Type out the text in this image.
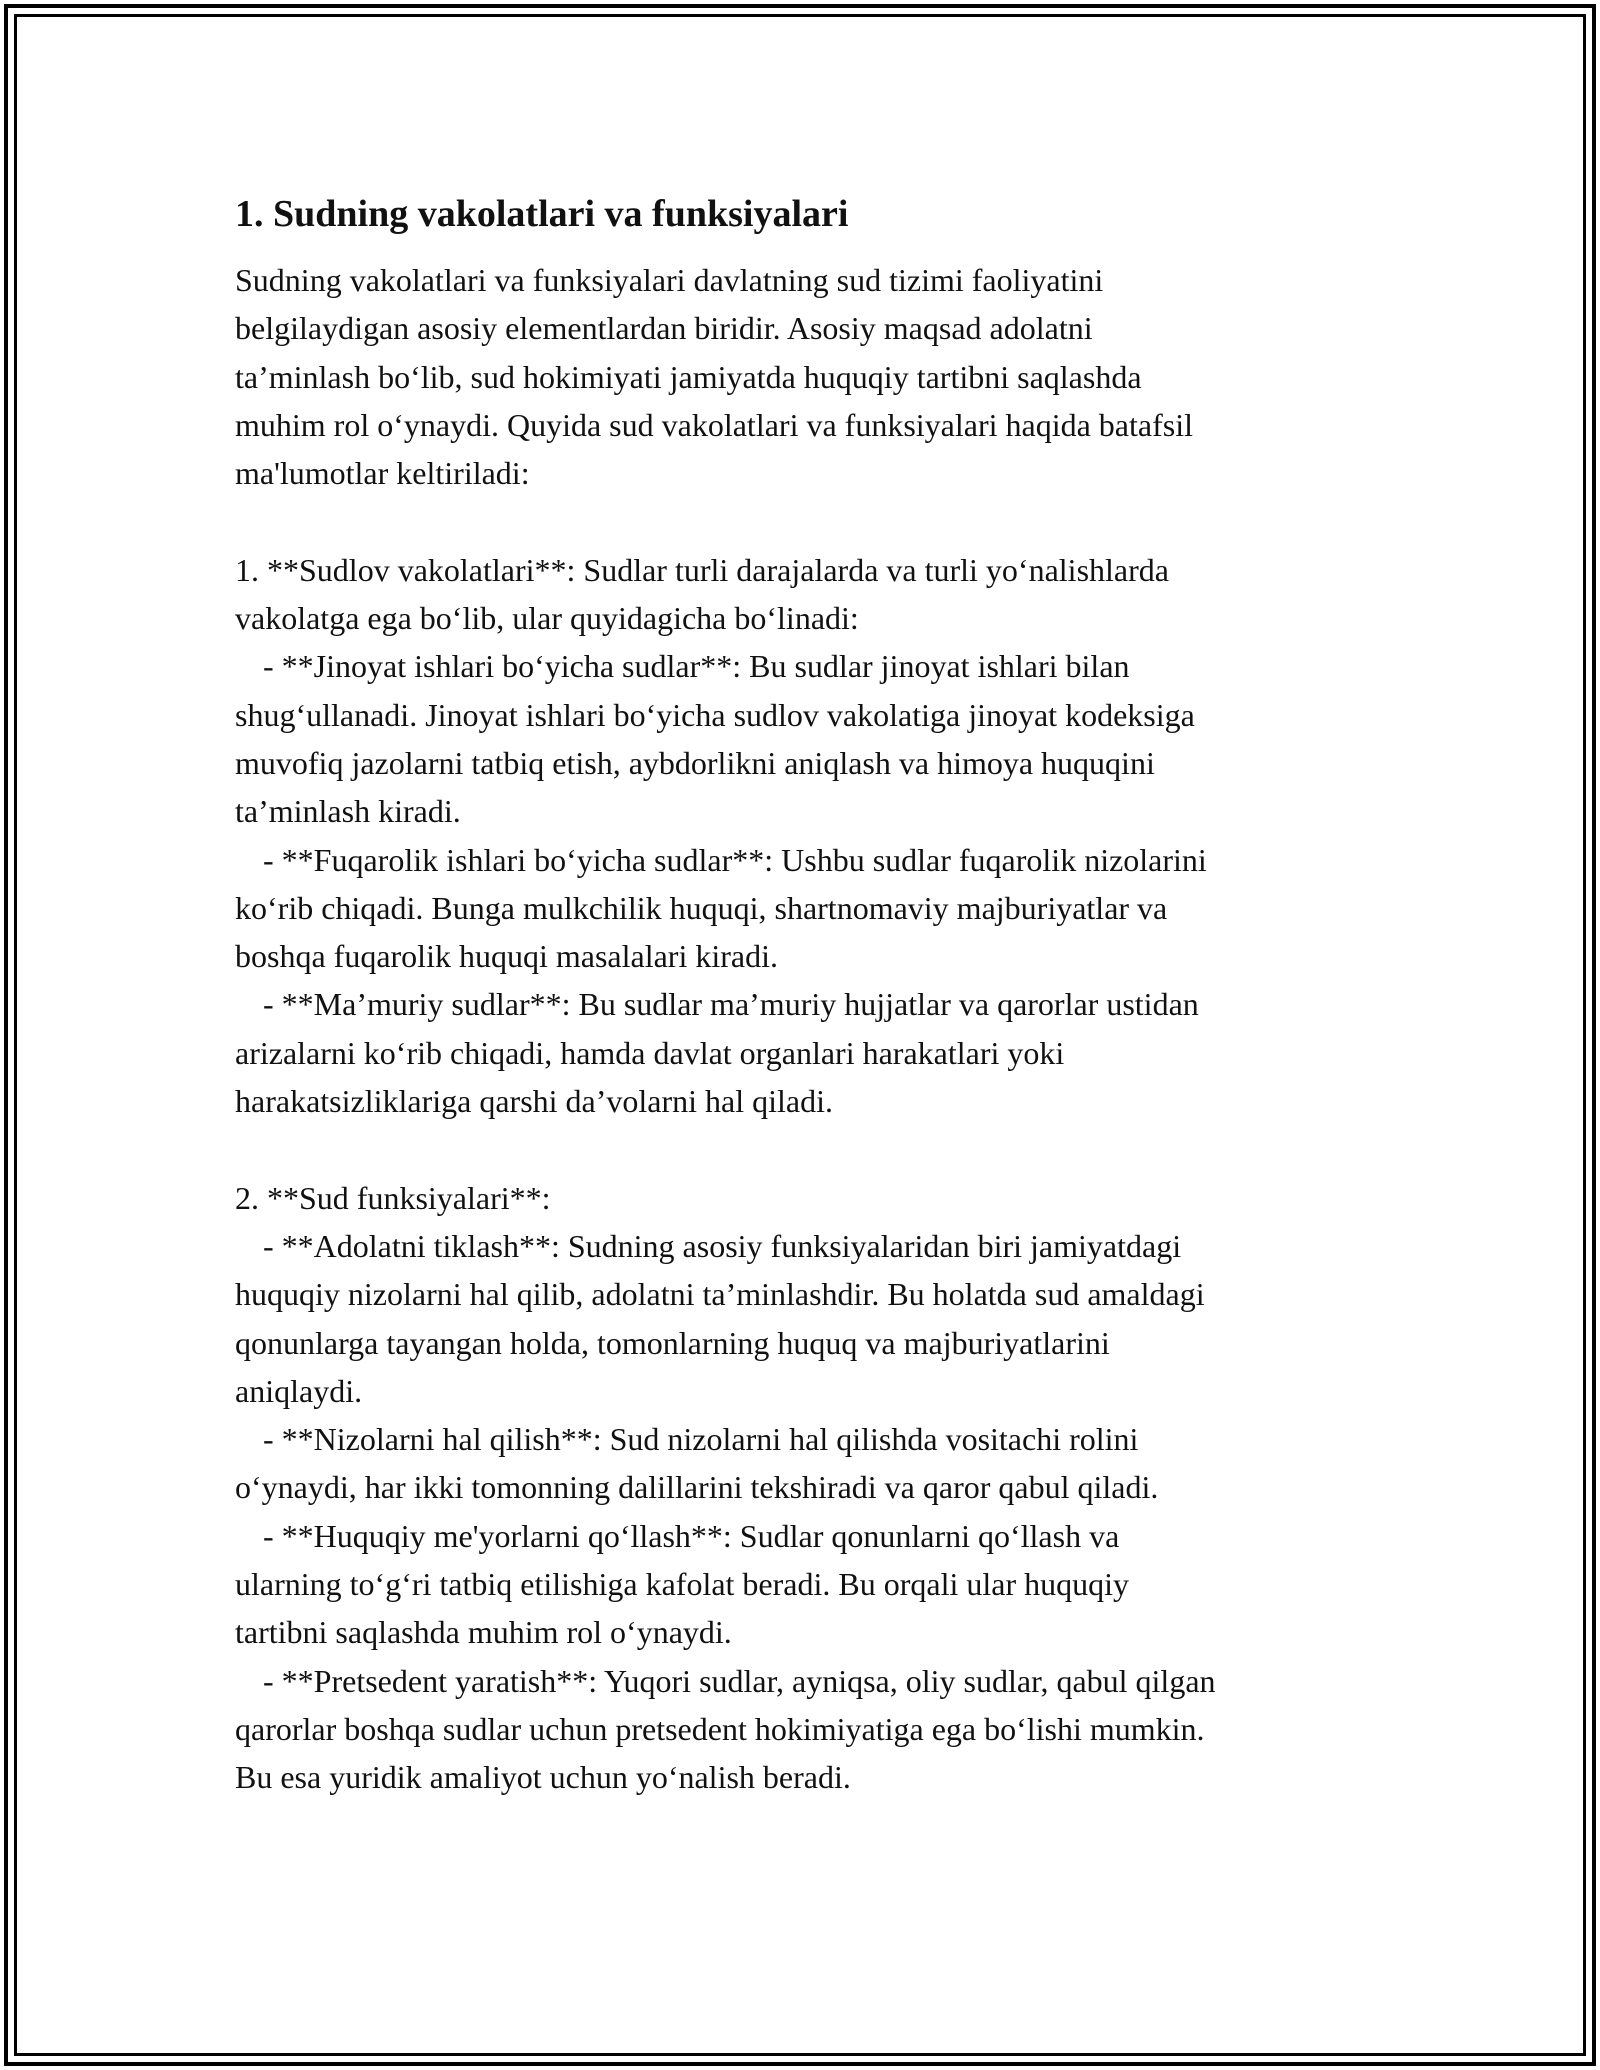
1. Sudning vakolatlari va funksiyalari
Sudning vakolatlari va funksiyalari davlatning sud tizimi faoliyatini
belgilaydigan asosiy elementlardan biridir. Asosiy maqsad adolatni
ta’minlash bo‘lib, sud hokimiyati jamiyatda huquqiy tartibni saqlashda
muhim rol o‘ynaydi. Quyida sud vakolatlari va funksiyalari haqida batafsil
ma'lumotlar keltiriladi:
1. **Sudlov vakolatlari**: Sudlar turli darajalarda va turli yo‘nalishlarda
vakolatga ega bo‘lib, ular quyidagicha bo‘linadi:
- **Jinoyat ishlari bo‘yicha sudlar**: Bu sudlar jinoyat ishlari bilan
shug‘ullanadi. Jinoyat ishlari bo‘yicha sudlov vakolatiga jinoyat kodeksiga
muvofiq jazolarni tatbiq etish, aybdorlikni aniqlash va himoya huquqini
ta’minlash kiradi.
- **Fuqarolik ishlari bo‘yicha sudlar**: Ushbu sudlar fuqarolik nizolarini
ko‘rib chiqadi. Bunga mulkchilik huquqi, shartnomaviy majburiyatlar va
boshqa fuqarolik huquqi masalalari kiradi.
- **Ma’muriy sudlar**: Bu sudlar ma’muriy hujjatlar va qarorlar ustidan
arizalarni ko‘rib chiqadi, hamda davlat organlari harakatlari yoki
harakatsizliklariga qarshi da’volarni hal qiladi.
2. **Sud funksiyalari**:
- **Adolatni tiklash**: Sudning asosiy funksiyalaridan biri jamiyatdagi
huquqiy nizolarni hal qilib, adolatni ta’minlashdir. Bu holatda sud amaldagi
qonunlarga tayangan holda, tomonlarning huquq va majburiyatlarini
aniqlaydi.
- **Nizolarni hal qilish**: Sud nizolarni hal qilishda vositachi rolini
o‘ynaydi, har ikki tomonning dalillarini tekshiradi va qaror qabul qiladi.
- **Huquqiy me'yorlarni qo‘llash**: Sudlar qonunlarni qo‘llash va
ularning to‘g‘ri tatbiq etilishiga kafolat beradi. Bu orqali ular huquqiy
tartibni saqlashda muhim rol o‘ynaydi.
- **Pretsedent yaratish**: Yuqori sudlar, ayniqsa, oliy sudlar, qabul qilgan
qarorlar boshqa sudlar uchun pretsedent hokimiyatiga ega bo‘lishi mumkin.
Bu esa yuridik amaliyot uchun yo‘nalish beradi.
